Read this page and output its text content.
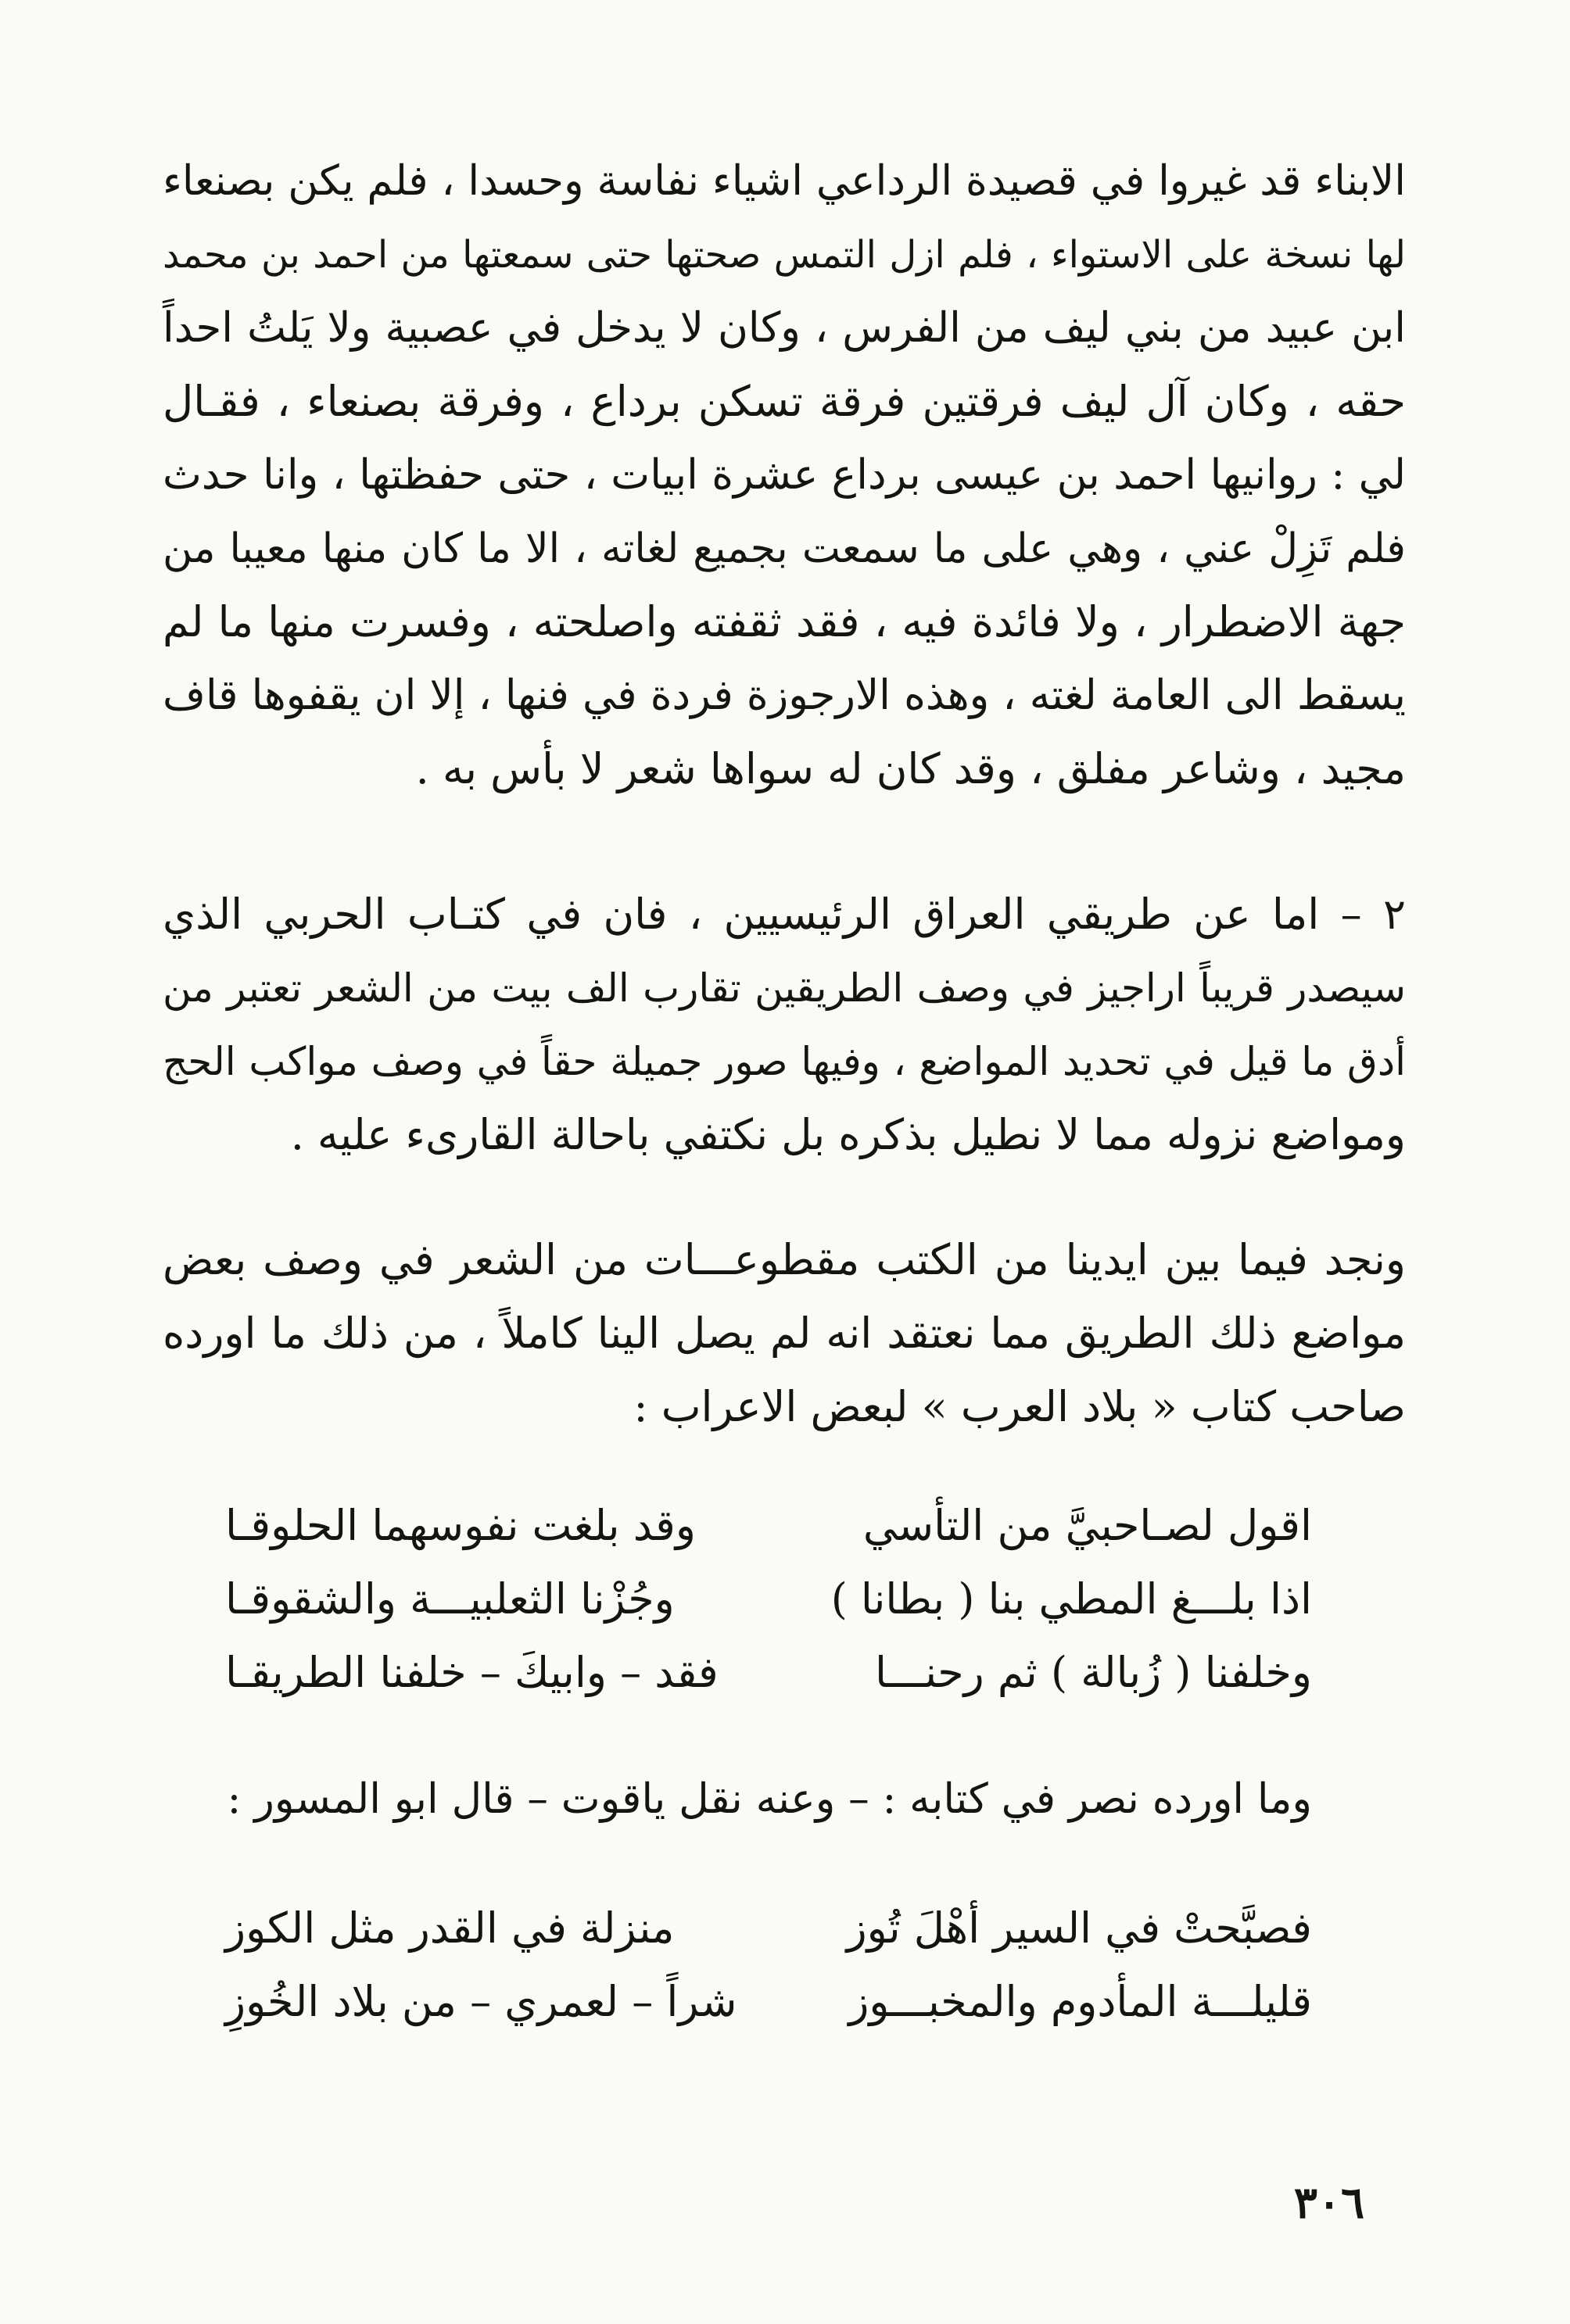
الابناء قد غيروا في قصيدة الرداعي اشياء نفاسة وحسدا ، فلم يكن بصنعاء
لها نسخة على الاستواء ، فلم ازل التمس صحتها حتى سمعتها من احمد بن محمد
ابن عبيد من بني ليف من الفرس ، وكان لا يدخل في عصبية ولا يَلتُ احداً
حقه ، وكان آل ليف فرقتين فرقة تسكن برداع ، وفرقة بصنعاء ، فقـال
لي : روانيها احمد بن عيسى برداع عشرة ابيات ، حتى حفظتها ، وانا حدث
فلم تَزِلْ عني ، وهي على ما سمعت بجميع لغاته ، الا ما كان منها معيبا من
جهة الاضطرار ، ولا فائدة فيه ، فقد ثقفته واصلحته ، وفسرت منها ما لم
يسقط الى العامة لغته ، وهذه الارجوزة فردة في فنها ، إلا ان يقفوها قاف
مجيد ، وشاعر مفلق ، وقد كان له سواها شعر لا بأس به .
٢ – اما عن طريقي العراق الرئيسيين ، فان في كتـاب الحربي الذي
سيصدر قريباً اراجيز في وصف الطريقين تقارب الف بيت من الشعر تعتبر من
أدق ما قيل في تحديد المواضع ، وفيها صور جميلة حقاً في وصف مواكب الحج
ومواضع نزوله مما لا نطيل بذكره بل نكتفي باحالة القارىء عليه .
ونجد فيما بين ايدينا من الكتب مقطوعـــات من الشعر في وصف بعض
مواضع ذلك الطريق مما نعتقد انه لم يصل الينا كاملاً ، من ذلك ما اورده
صاحب كتاب « بلاد العرب » لبعض الاعراب :
اقول لصـاحبيَّ من التأسي
وقد بلغت نفوسهما الحلوقـا
اذا بلـــغ المطي بنا ( بطانا )
وجُزْنا الثعلبيـــة والشقوقـا
وخلفنا ( زُبالة ) ثم رحنـــا
فقد – وابيكَ – خلفنا الطريقـا
وما اورده نصر في كتابه : – وعنه نقل ياقوت – قال ابو المسور :
فصبَّحتْ في السير أهْلَ تُوز
منزلة في القدر مثل الكوز
قليلـــة المأدوم والمخبـــوز
شراً – لعمري – من بلاد الخُوزِ
٣٠٦
